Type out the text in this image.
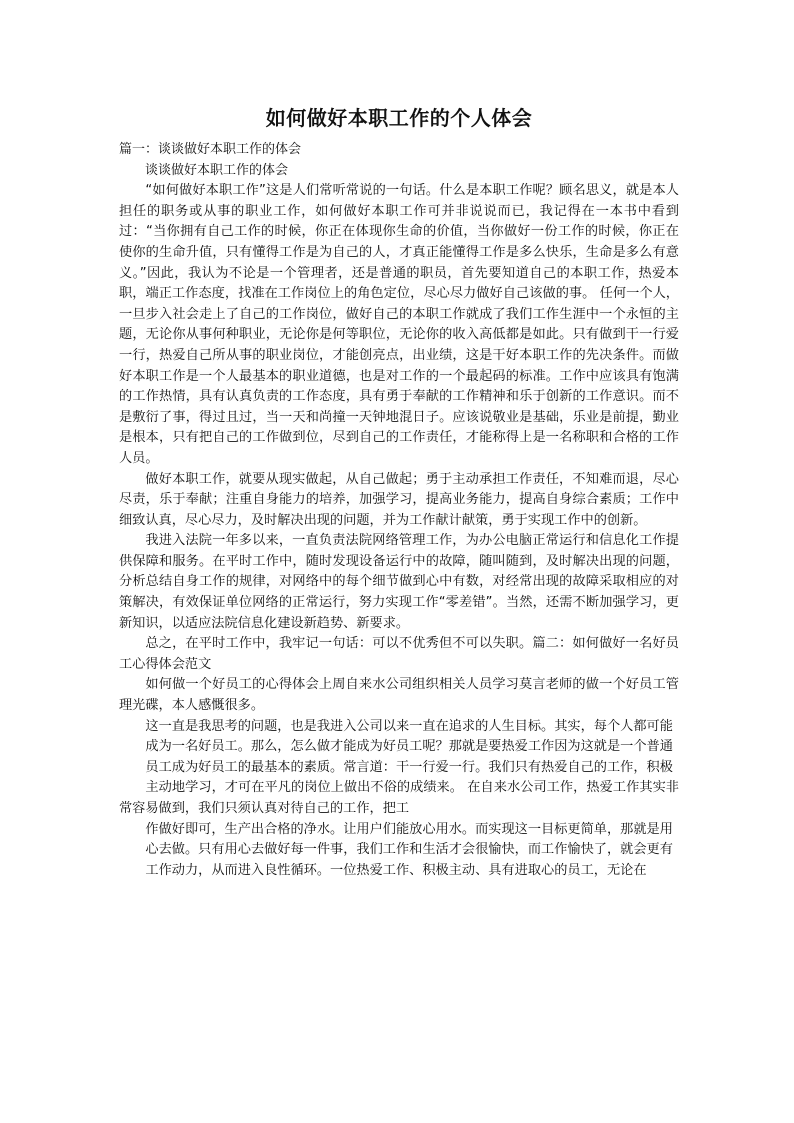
如何做好本职工作的个人体会

篇一：谈谈做好本职工作的体会

谈谈做好本职工作的体会

“如何做好本职工作”这是人们常听常说的一句话。什么是本职工作呢？顾名思义，就是本人担任的职务或从事的职业工作，如何做好本职工作可并非说说而已，我记得在一本书中看到过：“当你拥有自己工作的时候，你正在体现你生命的价值，当你做好一份工作的时候，你正在使你的生命升值，只有懂得工作是为自己的人，才真正能懂得工作是多么快乐，生命是多么有意义。”因此，我认为不论是一个管理者，还是普通的职员，首先要知道自己的本职工作，热爱本职，端正工作态度，找准在工作岗位上的角色定位，尽心尽力做好自己该做的事。 任何一个人，一旦步入社会走上了自己的工作岗位，做好自己的本职工作就成了我们工作生涯中一个永恒的主题，无论你从事何种职业，无论你是何等职位，无论你的收入高低都是如此。只有做到干一行爱一行，热爱自己所从事的职业岗位，才能创亮点，出业绩，这是干好本职工作的先决条件。而做好本职工作是一个人最基本的职业道德，也是对工作的一个最起码的标准。工作中应该具有饱满的工作热情，具有认真负责的工作态度，具有勇于奉献的工作精神和乐于创新的工作意识。而不是敷衍了事，得过且过，当一天和尚撞一天钟地混日子。应该说敬业是基础，乐业是前提，勤业是根本，只有把自己的工作做到位，尽到自己的工作责任，才能称得上是一名称职和合格的工作人员。

做好本职工作，就要从现实做起，从自己做起；勇于主动承担工作责任，不知难而退，尽心尽责，乐于奉献；注重自身能力的培养，加强学习，提高业务能力，提高自身综合素质；工作中细致认真，尽心尽力，及时解决出现的问题，并为工作献计献策，勇于实现工作中的创新。

我进入法院一年多以来，一直负责法院网络管理工作，为办公电脑正常运行和信息化工作提供保障和服务。在平时工作中，随时发现设备运行中的故障，随叫随到，及时解决出现的问题，分析总结自身工作的规律，对网络中的每个细节做到心中有数，对经常出现的故障采取相应的对策解决，有效保证单位网络的正常运行，努力实现工作“零差错”。当然，还需不断加强学习，更新知识，以适应法院信息化建设新趋势、新要求。

总之，在平时工作中，我牢记一句话：可以不优秀但不可以失职。篇二：如何做好一名好员工心得体会范文

如何做一个好员工的心得体会上周自来水公司组织相关人员学习莫言老师的做一个好员工管理光碟，本人感慨很多。

这一直是我思考的问题，也是我进入公司以来一直在追求的人生目标。其实，每个人都可能

成为一名好员工。那么，怎么做才能成为好员工呢？那就是要热爱工作因为这就是一个普通

员工成为好员工的最基本的素质。常言道：干一行爱一行。我们只有热爱自己的工作，积极

主动地学习，才可在平凡的岗位上做出不俗的成绩来。 在自来水公司工作，热爱工作其实非常容易做到，我们只须认真对待自己的工作，把工

作做好即可，生产出合格的净水。让用户们能放心用水。而实现这一目标更简单，那就是用

心去做。只有用心去做好每一件事，我们工作和生活才会很愉快，而工作愉快了，就会更有

工作动力，从而进入良性循环。一位热爱工作、积极主动、具有进取心的员工，无论在
